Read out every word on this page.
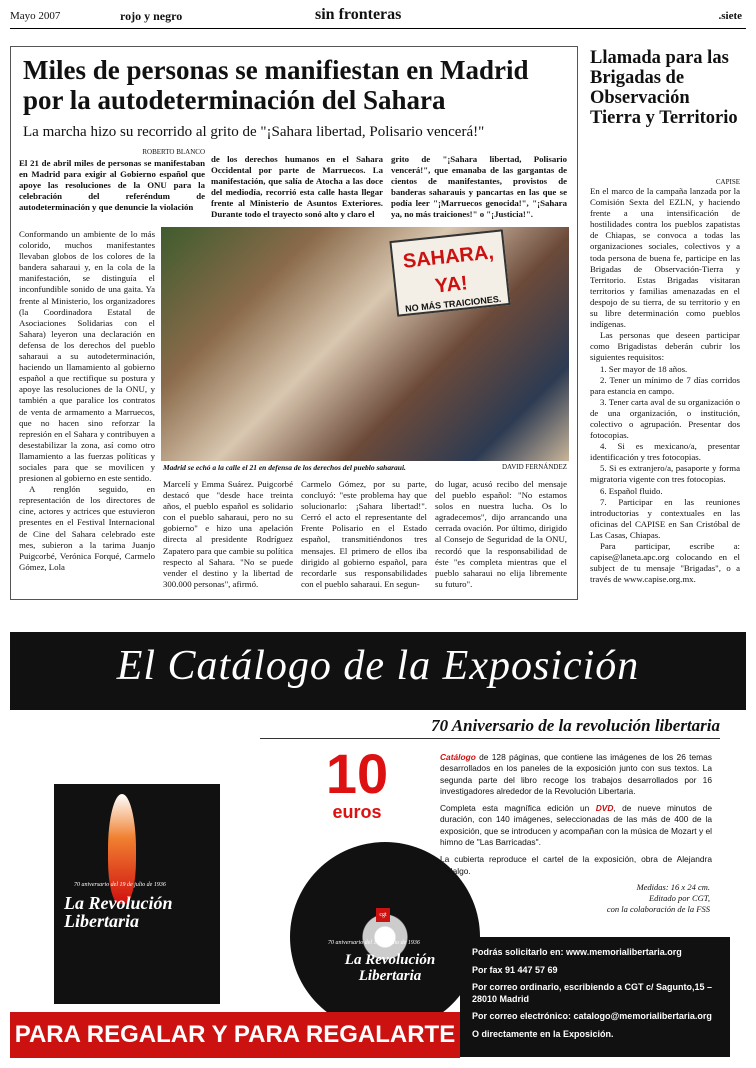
Mayo 2007	rojo y negro	sin fronteras	.siete
Miles de personas se manifiestan en Madrid por la autodeterminación del Sahara
La marcha hizo su recorrido al grito de "¡Sahara libertad, Polisario vencerá!"
ROBERTO BLANCO
El 21 de abril miles de personas se manifestaban en Madrid para exigir al Gobierno español que apoye las resoluciones de la ONU para la celebración del referéndum de autodeterminación y que denuncie la violación
de los derechos humanos en el Sahara Occidental por parte de Marruecos. La manifestación, que salía de Atocha a las doce del mediodía, recorrió esta calle hasta llegar frente al Ministerio de Asuntos Exteriores. Durante todo el trayecto sonó alto y claro el
grito de "¡Sahara libertad, Polisario vencerá!", que emanaba de las gargantas de cientos de manifestantes, provistos de banderas saharauis y pancartas en las que se podía leer "¡Marruecos genocida!", "¡Sahara ya, no más traiciones!" o "¡Justicia!".
Conformando un ambiente de lo más colorido, muchos manifestantes llevaban globos de los colores de la bandera saharaui y, en la cola de la manifestación, se distinguía el inconfundible sonido de una gaita. Ya frente al Ministerio, los organizadores (la Coordinadora Estatal de Asociaciones Solidarias con el Sahara) leyeron una declaración en defensa de los derechos del pueblo saharaui a su autodeterminación, haciendo un llamamiento al gobierno español a que rectifique su postura y apoye las resoluciones de la ONU, y también a que paralice los contratos de venta de armamento a Marruecos, que no hacen sino reforzar la represión en el Sahara y contribuyen a desestabilizar la zona, así como otro llamamiento a las fuerzas políticas y sociales para que se movilicen y presionen al gobierno en este sentido.
A renglón seguido, en representación de los directores de cine, actores y actrices que estuvieron presentes en el Festival Internacional de Cine del Sahara celebrado este mes, subieron a la tarima Juanjo Puigcorbé, Verónica Forqué, Carmelo Gómez, Lola
SAHARA, YA!
NO MÁS TRAICIONES.
Madrid se echó a la calle el 21 en defensa de los derechos del pueblo saharaui.	DAVID FERNÁNDEZ
Marcelí y Emma Suárez. Puigcorbé destacó que "desde hace treinta años, el pueblo español es solidario con el pueblo saharaui, pero no su gobierno" e hizo una apelación directa al presidente Rodríguez Zapatero para que cambie su política respecto al Sahara. "No se puede vender el destino y la libertad de 300.000 personas", afirmó.
Carmelo Gómez, por su parte, concluyó: "este problema hay que solucionarlo: ¡Sahara libertad!". Cerró el acto el representante del Frente Polisario en el Estado español, transmitiéndonos tres mensajes. El primero de ellos iba dirigido al gobierno español, para recordarle sus responsabilidades con el pueblo saharaui. En segun-
do lugar, acusó recibo del mensaje del pueblo español: "No estamos solos en nuestra lucha. Os lo agradecemos", dijo arrancando una cerrada ovación. Por último, dirigido al Consejo de Seguridad de la ONU, recordó que la responsabilidad de éste "es completa mientras que el pueblo saharaui no elija libremente su futuro".
Llamada para las Brigadas de Observación Tierra y Territorio
CAPISE

En el marco de la campaña lanzada por la Comisión Sexta del EZLN, y haciendo frente a una intensificación de hostilidades contra los pueblos zapatistas de Chiapas, se convoca a todas las organizaciones sociales, colectivos y a toda persona de buena fe, participe en las Brigadas de Observación-Tierra y Territorio. Estas Brigadas visitaran territorios y familias amenazadas en el despojo de su tierra, de su territorio y en su libre determinación como pueblos indígenas.

Las personas que deseen participar como Brigadistas deberán cubrir los siguientes requisitos:

1. Ser mayor de 18 años.

2. Tener un mínimo de 7 días corridos para estancia en campo.

3. Tener carta aval de su organización o de una organización, o institución, colectivo o agrupación. Presentar dos fotocopias.

4. Si es mexicano/a, presentar identificación y tres fotocopias.

5. Si es extranjero/a, pasaporte y forma migratoria vigente con tres fotocopias.

6. Español fluido.

7. Participar en las reuniones introductorias y contextuales en las oficinas del CAPISE en San Cristóbal de Las Casas, Chiapas.

Para participar, escribe a: capise@laneta.apc.org colocando en el subject de tu mensaje "Brigadas", o a través de www.capise.org.mx.

El Catálogo de la Exposición
70 Aniversario de la revolución libertaria
70 aniversario del 19 de julio de 1936
La Revolución Libertaria
10
euros
cgt
70 aniversario del 19 de julio de 1936
La Revolución Libertaria

Catálogo de 128 páginas, que contiene las imágenes de los 26 temas desarrollados en los paneles de la exposición junto con sus textos. La segunda parte del libro recoge los trabajos desarrollados por 16 investigadores alrededor de la Revolución Libertaria.

Completa esta magnífica edición un DVD, de nueve minutos de duración, con 140 imágenes, seleccionadas de las más de 400 de la exposición, que se introducen y acompañan con la música de Mozart y el himno de "Las Barricadas".

La cubierta reproduce el cartel de la exposición, obra de Alejandra Hidalgo.

Medidas: 16 x 24 cm.
Editado por CGT,
con la colaboración de la FSS

Podrás solicitarlo en: www.memorialibertaria.org

Por fax 91 447 57 69

Por correo ordinario, escribiendo a CGT c/ Sagunto,15 – 28010 Madrid

Por correo electrónico: catalogo@memorialibertaria.org

O directamente en la Exposición.

PARA REGALAR Y PARA REGALARTE
